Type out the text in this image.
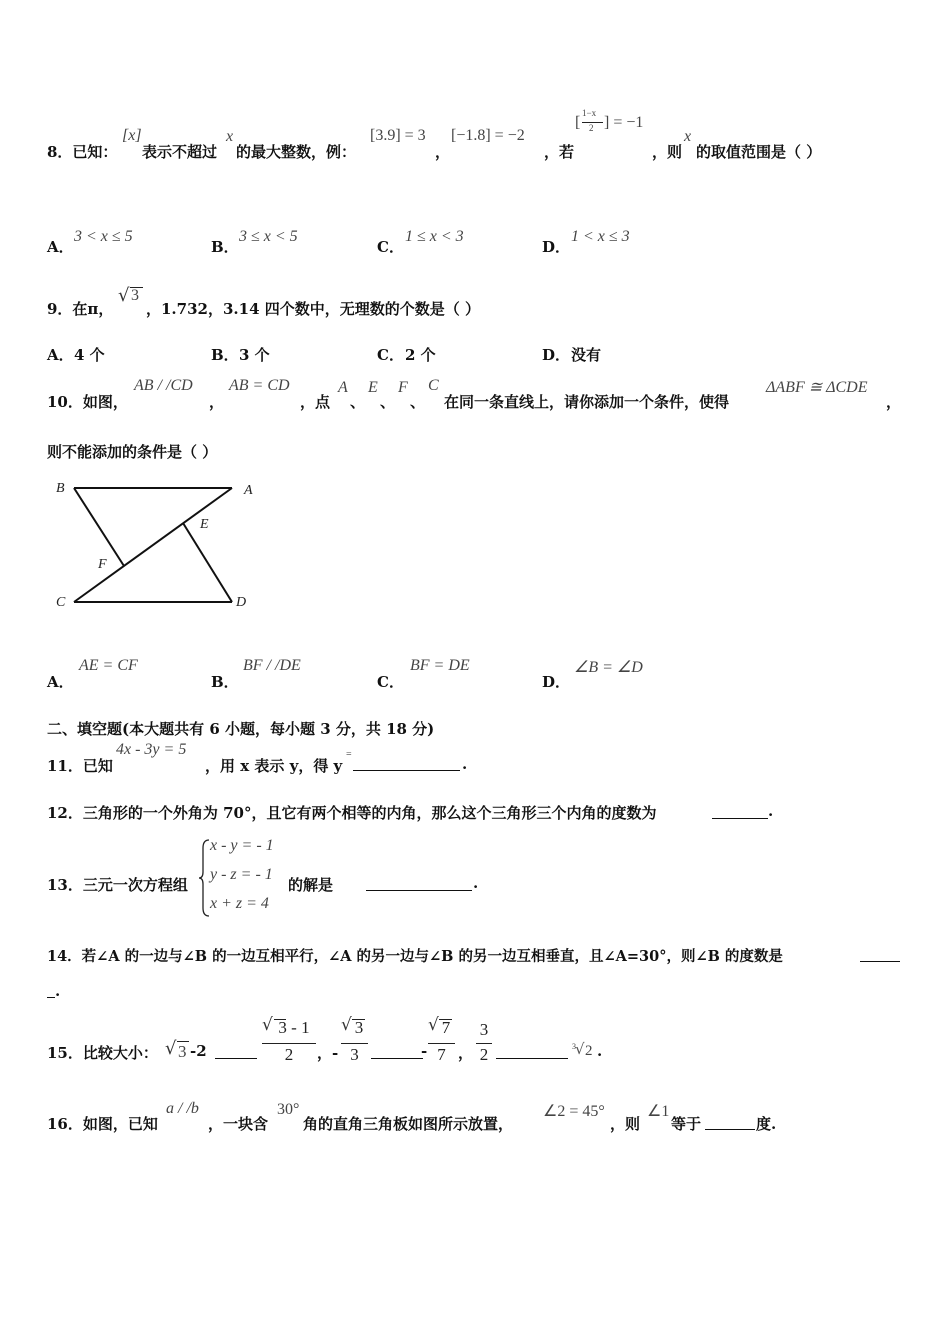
8．已知：
[x]
表示不超过
x
的最大整数，例：
[3.9] = 3
，
[−1.8] = −2
，若
[
1−x
2 ] = −1
，则
x
的取值范围是（ ）
A．
3 < x ≤ 5
B．
3 ≤ x < 5
C．
1 ≤ x < 3
D．
1 < x ≤ 3
9．在π，
√ 3
，1.732，3.14 四个数中，无理数的个数是（ ）
A． 4 个	B． 3 个	C． 2 个	D． 没有
10．如图，
AB / /CD
，
AB = CD
，点
A
、
E
、
F
、
C
在同一条直线上，请你添加一个条件，使得
ΔABF ≅ ΔCDE
，
则不能添加的条件是（ ）
B	A
E
F
C	D
A．
AE = CF
B．
BF / /DE
C．
BF = DE
D．
∠B = ∠D
二、填空题(本大题共有 6 小题，每小题 3 分，共 18 分)
11．已知
4x - 3y = 5
，用 x 表示 y，得 y
=
.
12．三角形的一个外角为 70°，且它有两个相等的内角，那么这个三角形三个内角的度数为	.
13．三元一次方程组
x - y = - 1
y - z = - 1
x + z = 4
的解是	.
14．若∠A 的一边与∠B 的一边互相平行，∠A 的另一边与∠B 的另一边互相垂直，且∠A=30°，则∠B 的度数是
.
15．比较大小： √ 3 -2
√ 3 - 1
2	，-
√ 3
3	-
√ 7
7 ，
3
2	3 √ 2 .
16．如图，已知
a / /b
，一块含
30°
角的直角三角板如图所示放置，
∠2 = 45°
，则
∠1
等于	度.
